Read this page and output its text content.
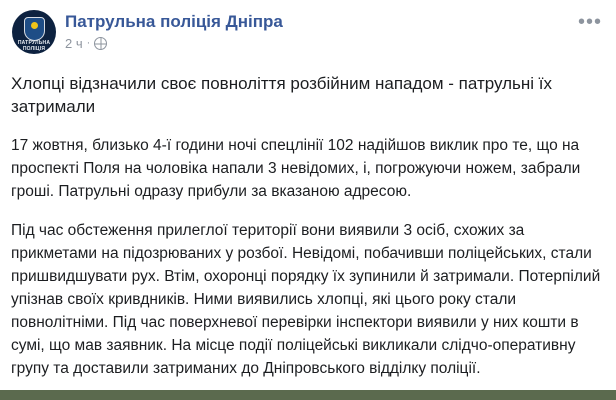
ПАТРУЛЬНА ПОЛІЦІЯ
Патрульна поліція Дніпра
2 ч ·
•••

Хлопці відзначили своє повноліття розбійним нападом - патрульні їх затримали

17 жовтня, близько 4-ї години ночі спецлінії 102 надійшов виклик про те, що на проспекті Поля на чоловіка напали 3 невідомих, і, погрожуючи ножем, забрали гроші. Патрульні одразу прибули за вказаною адресою.

Під час обстеження прилеглої території вони виявили 3 осіб, схожих за прикметами на підозрюваних у розбої. Невідомі, побачивши поліцейських, стали пришвидшувати рух. Втім, охоронці порядку їх зупинили й затримали. Потерпілий упізнав своїх кривдників. Ними виявились хлопці, які цього року стали повнолітніми. Під час поверхневої перевірки інспектори виявили у них кошти в сумі, що мав заявник. На місце події поліцейські викликали слідчо-оперативну групу та доставили затриманих до Дніпровського відділку поліції.
